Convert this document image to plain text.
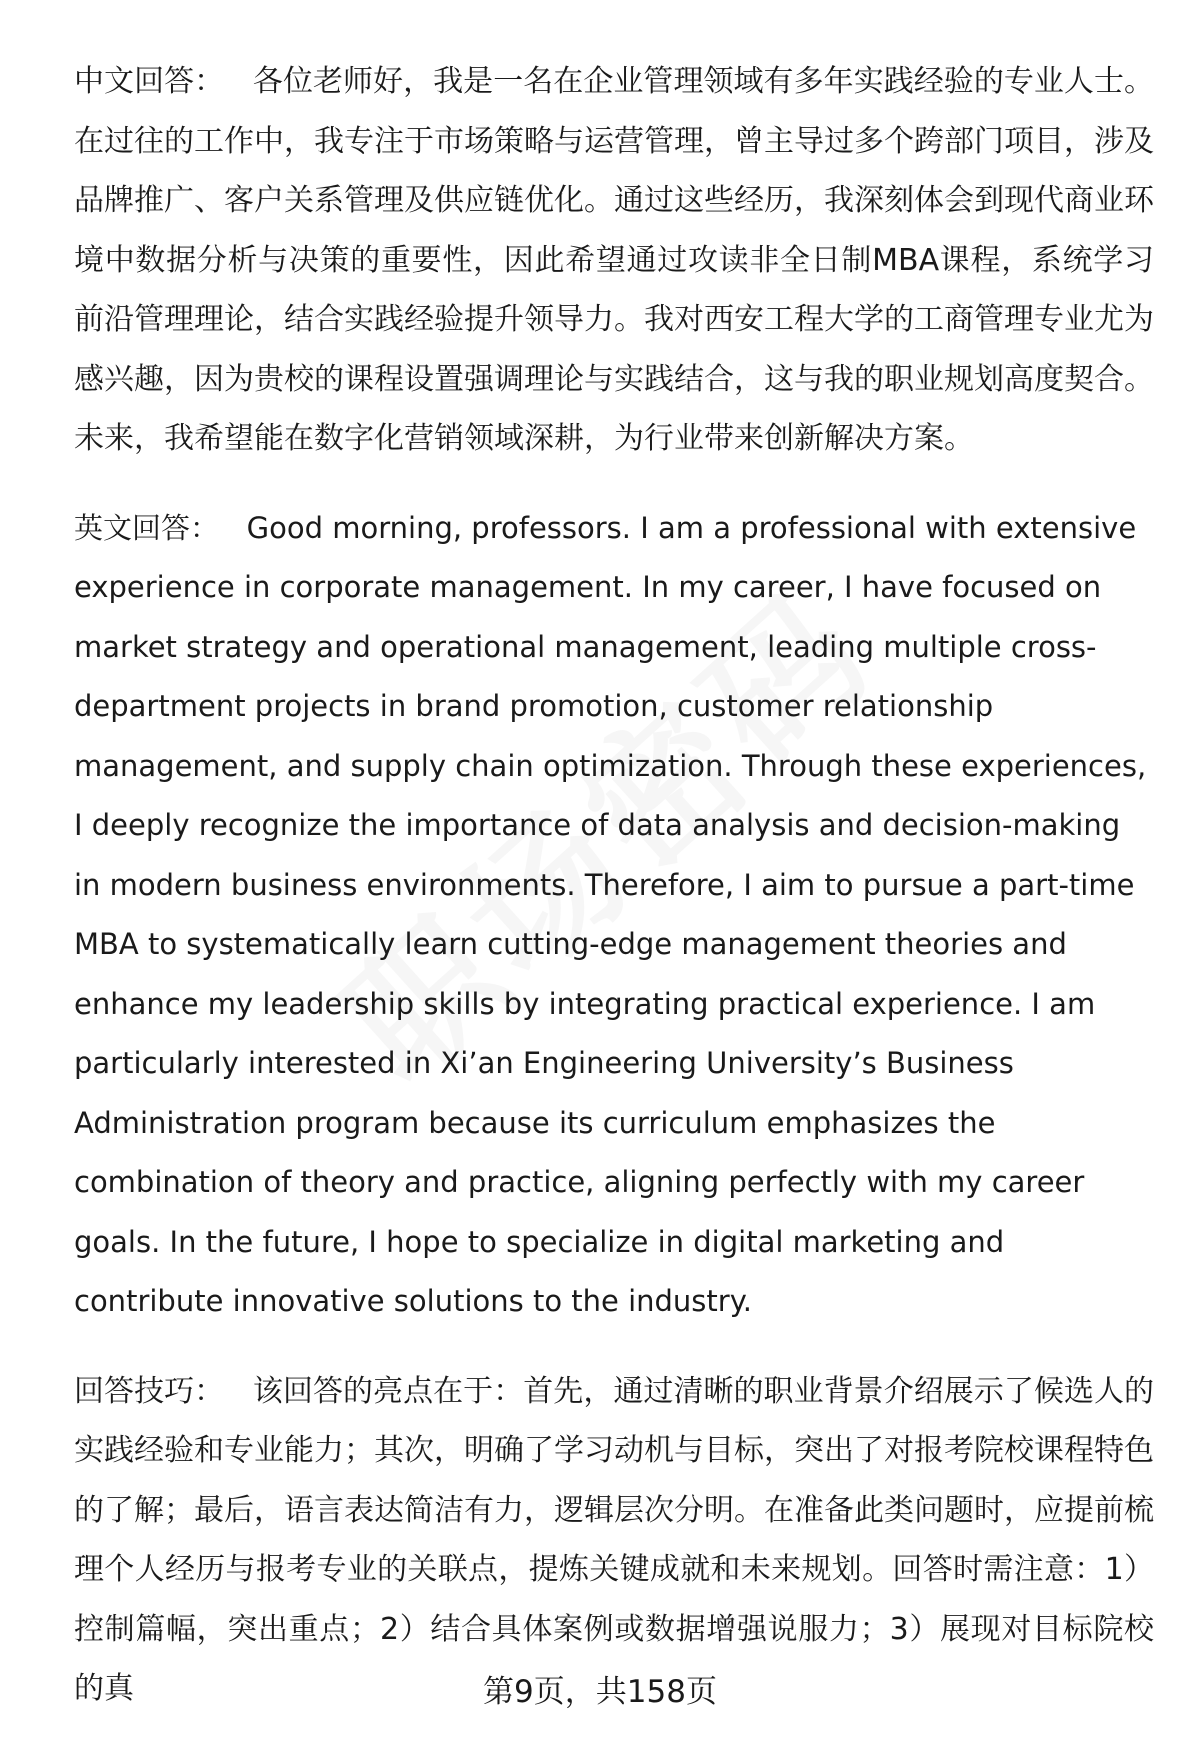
中文回答：   各位老师好，我是一名在企业管理领域有多年实践经验的专业人士。在过往的工作中，我专注于市场策略与运营管理，曾主导过多个跨部门项目，涉及品牌推广、客户关系管理及供应链优化。通过这些经历，我深刻体会到现代商业环境中数据分析与决策的重要性，因此希望通过攻读非全日制MBA课程，系统学习前沿管理理论，结合实践经验提升领导力。我对西安工程大学的工商管理专业尤为感兴趣，因为贵校的课程设置强调理论与实践结合，这与我的职业规划高度契合。未来，我希望能在数字化营销领域深耕，为行业带来创新解决方案。

英文回答：   Good morning, professors. I am a professional with extensive experience in corporate management. In my career, I have focused on market strategy and operational management, leading multiple cross-department projects in brand promotion, customer relationship management, and supply chain optimization. Through these experiences, I deeply recognize the importance of data analysis and decision-making in modern business environments. Therefore, I aim to pursue a part-time MBA to systematically learn cutting-edge management theories and enhance my leadership skills by integrating practical experience. I am particularly interested in Xi’an Engineering University’s Business Administration program because its curriculum emphasizes the combination of theory and practice, aligning perfectly with my career goals. In the future, I hope to specialize in digital marketing and contribute innovative solutions to the industry.

回答技巧：   该回答的亮点在于：首先，通过清晰的职业背景介绍展示了候选人的实践经验和专业能力；其次，明确了学习动机与目标，突出了对报考院校课程特色的了解；最后，语言表达简洁有力，逻辑层次分明。在准备此类问题时，应提前梳理个人经历与报考专业的关联点，提炼关键成就和未来规划。回答时需注意：1）控制篇幅，突出重点；2）结合具体案例或数据增强说服力；3）展现对目标院校的真	第9页，共158页
